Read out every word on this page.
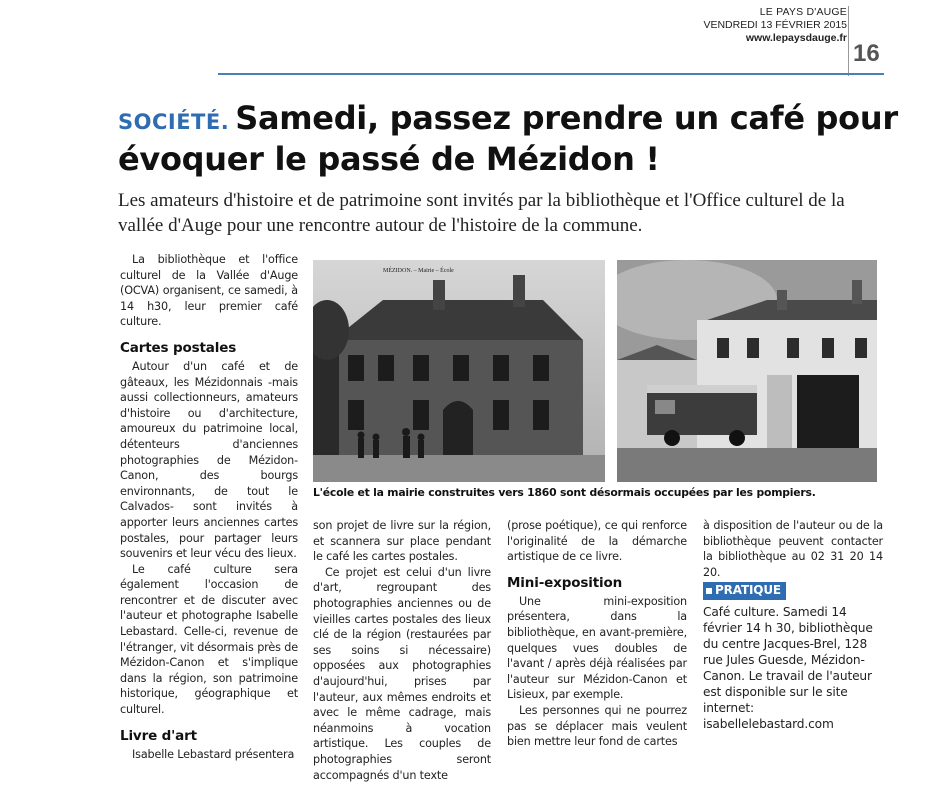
LE PAYS D'AUGE
VENDREDI 13 FÉVRIER 2015
www.lepaysdauge.fr
16
SOCIÉTÉ. Samedi, passez prendre un café pour évoquer le passé de Mézidon !
Les amateurs d'histoire et de patrimoine sont invités par la bibliothèque et l'Office culturel de la vallée d'Auge pour une rencontre autour de l'histoire de la commune.

La bibliothèque et l'office culturel de la Vallée d'Auge (OCVA) organisent, ce samedi, à 14 h30, leur premier café culture.

Cartes postales

Autour d'un café et de gâteaux, les Mézidonnais -mais aussi collectionneurs, amateurs d'histoire ou d'architecture, amoureux du patrimoine local, détenteurs d'anciennes photographies de Mézidon-Canon, des bourgs environnants, de tout le Calvados- sont invités à apporter leurs anciennes cartes postales, pour partager leurs souvenirs et leur vécu des lieux.

Le café culture sera également l'occasion de rencontrer et de discuter avec l'auteur et photographe Isabelle Lebastard. Celle-ci, revenue de l'étranger, vit désormais près de Mézidon-Canon et s'implique dans la région, son patrimoine historique, géographique et culturel.

Livre d'art

Isabelle Lebastard présentera

MÉZIDON. – Mairie – École
L'école et la mairie construites vers 1860 sont désormais occupées par les pompiers.

son projet de livre sur la région, et scannera sur place pendant le café les cartes postales.

Ce projet est celui d'un livre d'art, regroupant des photographies anciennes ou de vieilles cartes postales des lieux clé de la région (restaurées par ses soins si nécessaire) opposées aux photographies d'aujourd'hui, prises par l'auteur, aux mêmes endroits et avec le même cadrage, mais néanmoins à vocation artistique. Les couples de photographies seront accompagnés d'un texte

(prose poétique), ce qui renforce l'originalité de la démarche artistique de ce livre.

Mini-exposition

Une mini-exposition présentera, dans la bibliothèque, en avant-première, quelques vues doubles de l'avant / après déjà réalisées par l'auteur sur Mézidon-Canon et Lisieux, par exemple.

Les personnes qui ne pourrez pas se déplacer mais veulent bien mettre leur fond de cartes

à disposition de l'auteur ou de la bibliothèque peuvent contacter la bibliothèque au 02 31 20 14 20.

PRATIQUE

Café culture. Samedi 14 février 14 h 30, bibliothèque du centre Jacques-Brel, 128 rue Jules Guesde, Mézidon-Canon. Le travail de l'auteur est disponible sur le site internet: isabellelebastard.com
